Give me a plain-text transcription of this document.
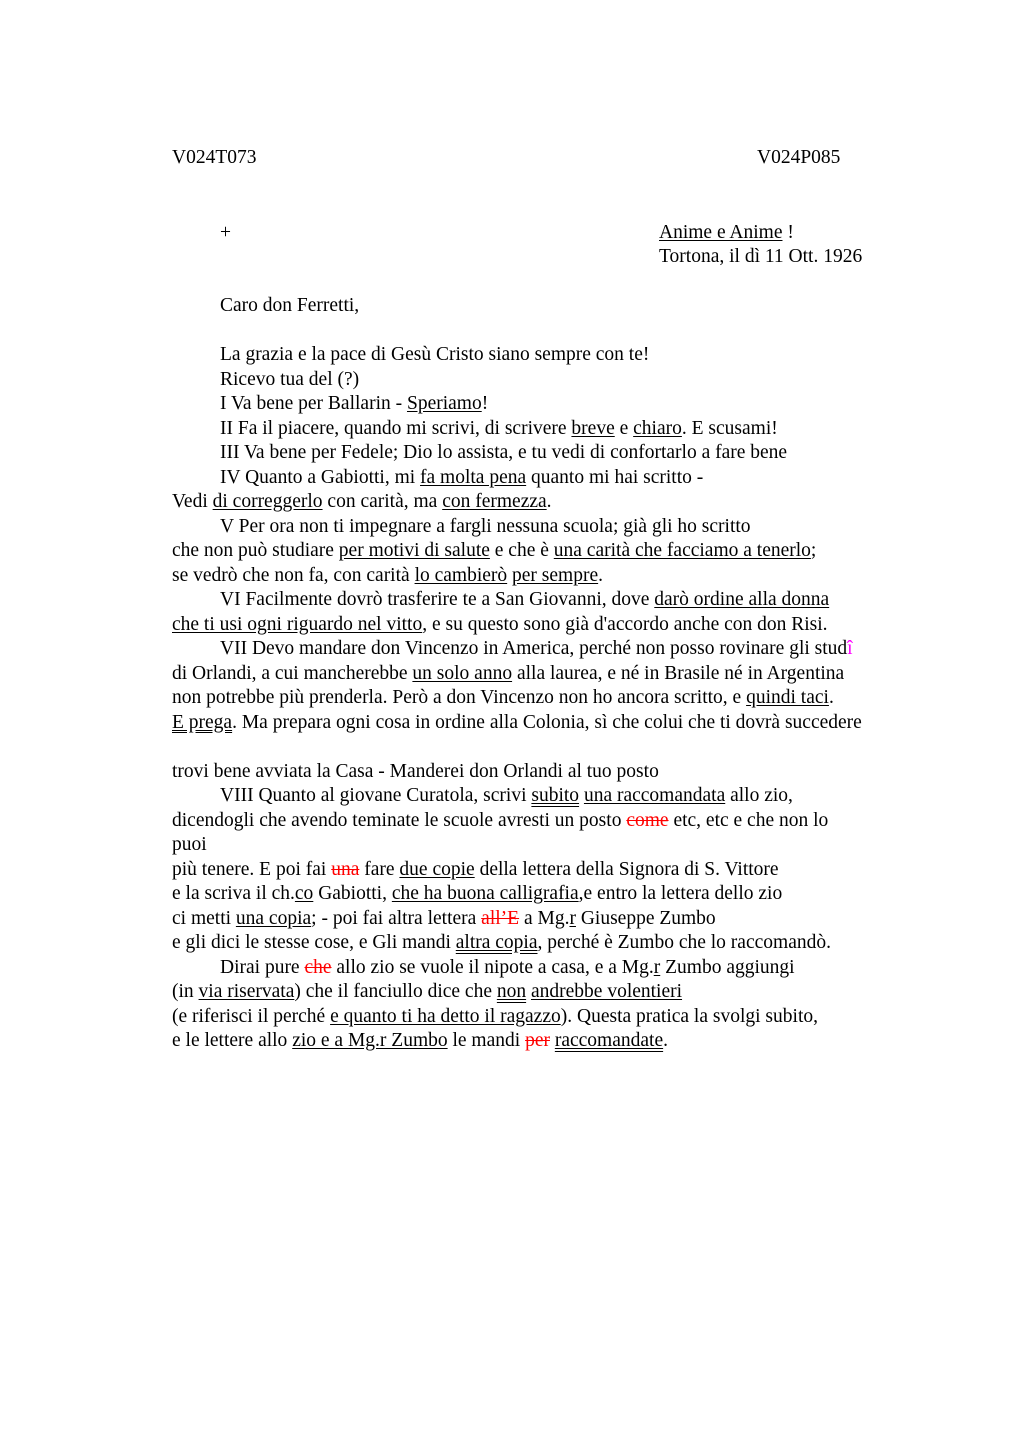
V024T073	V024P085
+	Anime e Anime !
Tortona, il dì 11 Ott. 1926
Caro don Ferretti,
La grazia e la pace di Gesù Cristo siano sempre con te!
Ricevo tua del (?)
I Va bene per Ballarin - Speriamo!
II Fa il piacere, quando mi scrivi, di scrivere breve e chiaro. E scusami!
III Va bene per Fedele; Dio lo assista, e tu vedi di confortarlo a fare bene
IV Quanto a Gabiotti, mi fa molta pena quanto mi hai scritto -
Vedi di correggerlo con carità, ma con fermezza.
V Per ora non ti impegnare a fargli nessuna scuola; già gli ho scritto
che non può studiare per motivi di salute e che è una carità che facciamo a tenerlo;
se vedrò che non fa, con carità lo cambierò per sempre.
VI Facilmente dovrò trasferire te a San Giovanni, dove darò ordine alla donna
che ti usi ogni riguardo nel vitto, e su questo sono già d'accordo anche con don Risi.
VII Devo mandare don Vincenzo in America, perché non posso rovinare gli studî
di Orlandi, a cui mancherebbe un solo anno alla laurea, e né in Brasile né in Argentina
non potrebbe più prenderla. Però a don Vincenzo non ho ancora scritto, e quindi taci.
E prega. Ma prepara ogni cosa in ordine alla Colonia, sì che colui che ti dovrà succedere
trovi bene avviata la Casa - Manderei don Orlandi al tuo posto
VIII Quanto al giovane Curatola, scrivi subito una raccomandata allo zio,
dicendogli che avendo teminate le scuole avresti un posto come etc, etc e che non lo
puoi
più tenere. E poi fai una fare due copie della lettera della Signora di S. Vittore
e la scriva il ch.co Gabiotti, che ha buona calligrafia,e entro la lettera dello zio
ci metti una copia; - poi fai altra lettera all’E a Mg.r Giuseppe Zumbo
e gli dici le stesse cose, e Gli mandi altra copia, perché è Zumbo che lo raccomandò.
Dirai pure che allo zio se vuole il nipote a casa, e a Mg.r Zumbo aggiungi
(in via riservata) che il fanciullo dice che non andrebbe volentieri
(e riferisci il perché e quanto ti ha detto il ragazzo). Questa pratica la svolgi subito,
e le lettere allo zio e a Mg.r Zumbo le mandi per raccomandate.
